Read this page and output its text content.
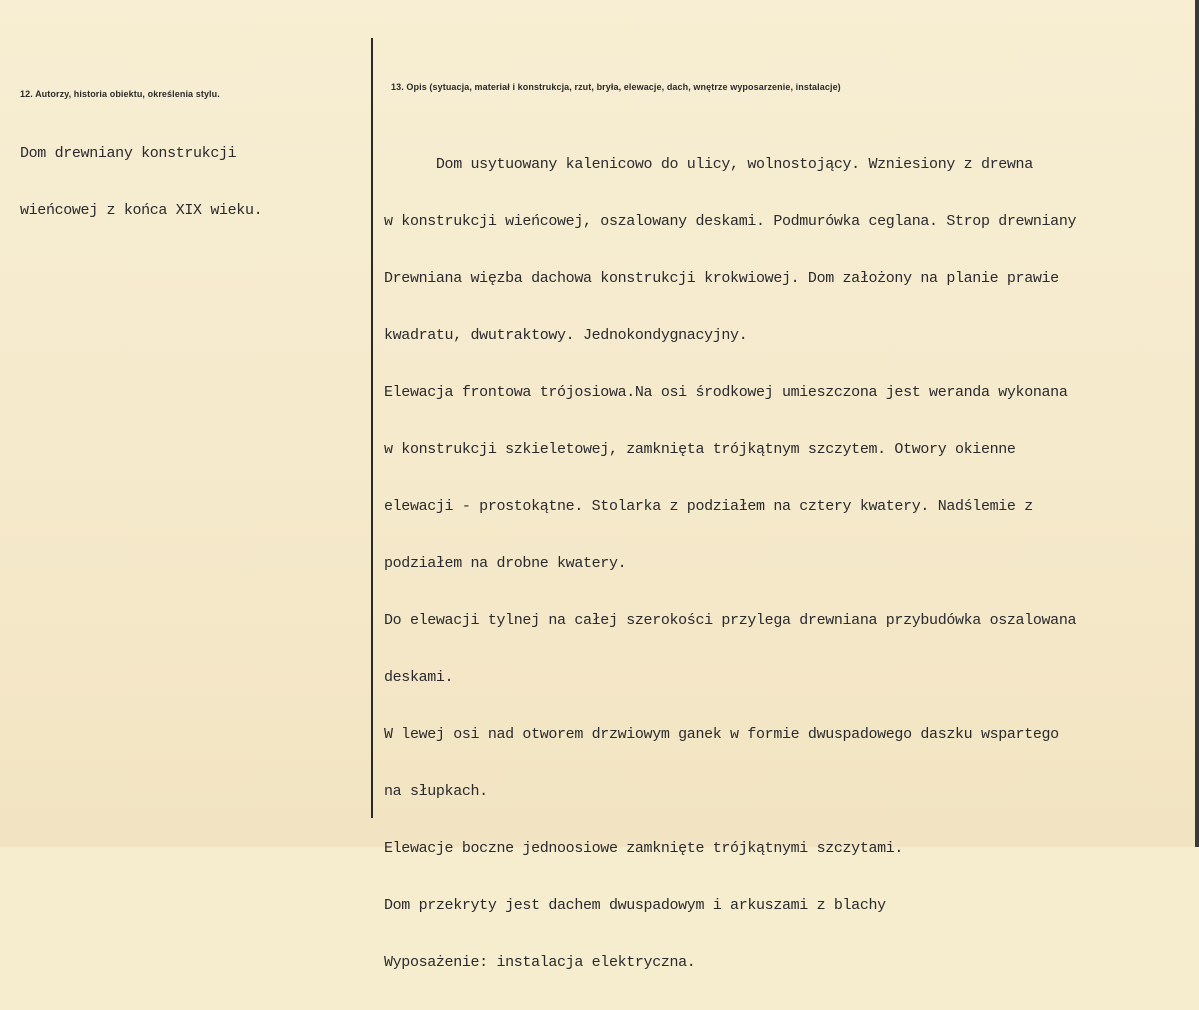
12. Autorzy, historia obiektu, określenia stylu.

Dom drewniany konstrukcji

wieńcowej z końca XIX wieku.

13. Opis (sytuacja, materiał i konstrukcja, rzut, bryła, elewacje, dach, wnętrze wyposarzenie, instalacje)

Dom usytuowany kalenicowo do ulicy, wolnostojący. Wzniesiony z drewna

w konstrukcji wieńcowej, oszalowany deskami. Podmurówka ceglana. Strop drewniany

Drewniana więzba dachowa konstrukcji krokwiowej. Dom założony na planie prawie

kwadratu, dwutraktowy. Jednokondygnacyjny.

Elewacja frontowa trójosiowa.Na osi środkowej umieszczona jest weranda wykonana

w konstrukcji szkieletowej, zamknięta trójkątnym szczytem. Otwory okienne

elewacji - prostokątne. Stolarka z podziałem na cztery kwatery. Nadślemie z

podziałem na drobne kwatery.

Do elewacji tylnej na całej szerokości przylega drewniana przybudówka oszalowana

deskami.

W lewej osi nad otworem drzwiowym ganek w formie dwuspadowego daszku wspartego

na słupkach.

Elewacje boczne jednoosiowe zamknięte trójkątnymi szczytami.

Dom przekryty jest dachem dwuspadowym i arkuszami z blachy

Wyposażenie: instalacja elektryczna.
